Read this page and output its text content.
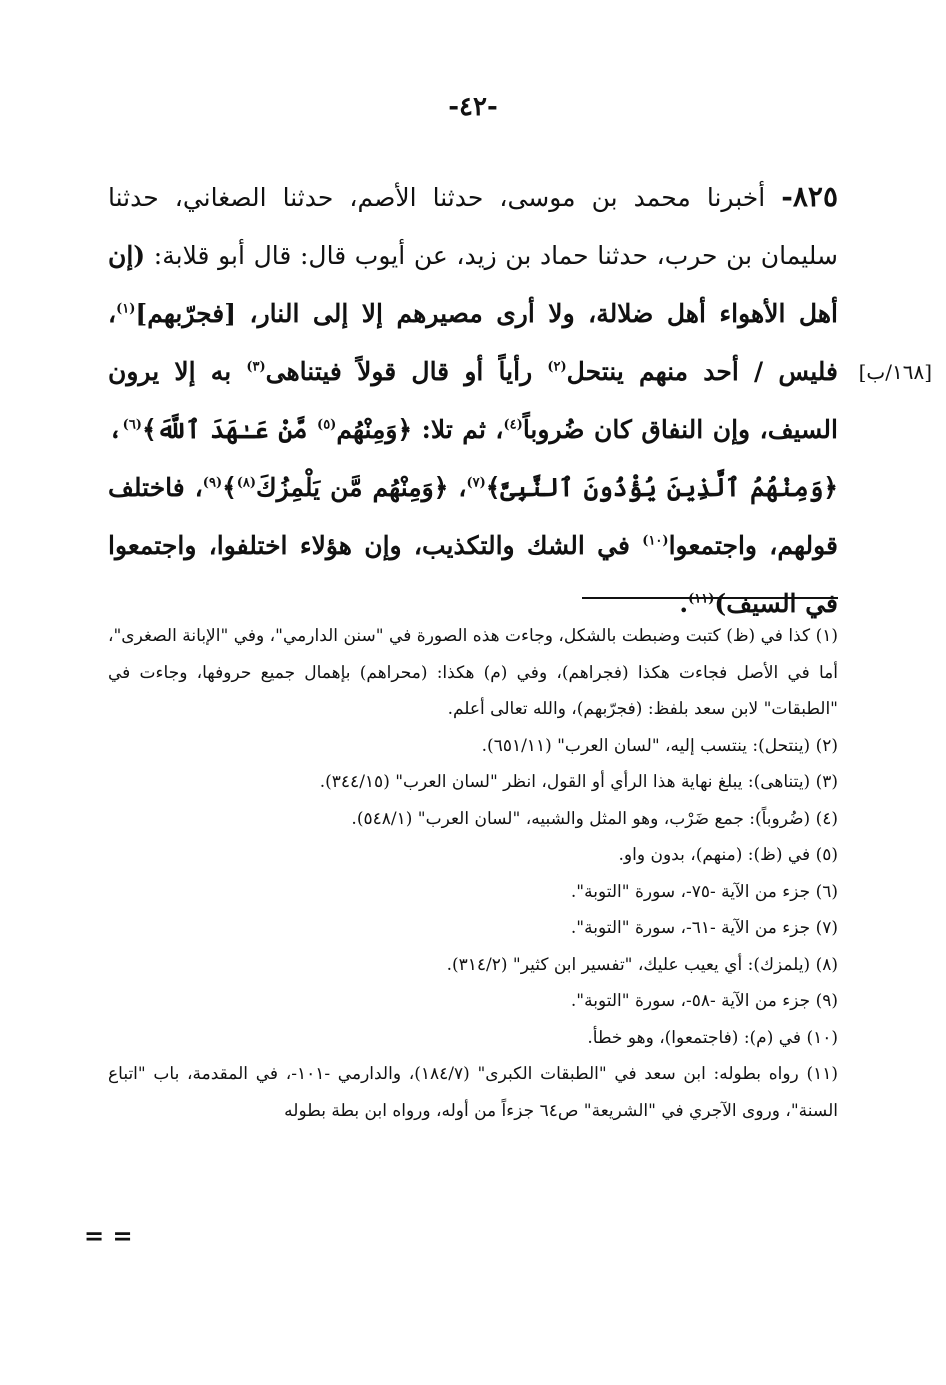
-٤٢-
[١٦٨/ب]
٨٢٥- أخبرنا محمد بن موسى، حدثنا الأصم، حدثنا الصغاني، حدثنا سليمان بن حرب، حدثنا حماد بن زيد، عن أيوب قال: قال أبو قلابة: (إن أهل الأهواء أهل ضلالة، ولا أرى مصيرهم إلا إلى النار، [فجرّبهم]$^{(١)}$، فليس / أحد منهم ينتحل$^{(٢)}$ رأياً أو قال قولاً فيتناهى$^{(٣)}$ به إلا يرون السيف، وإن النفاق كان ضُروباً$^{(٤)}$، ثم تلا: ﴿وَمِنْهُم$^{(٥)}$ مَّنْ عَـٰهَدَ ٱللَّهَ﴾$^{(٦)}$، ﴿وَمِنْهُمُ ٱلَّذِينَ يُؤْذُونَ ٱلنَّبِىَّ﴾$^{(٧)}$، ﴿وَمِنْهُم مَّن يَلْمِزُكَ$^{(٨)}$﴾$^{(٩)}$، فاختلف قولهم، واجتمعوا$^{(١٠)}$ في الشك والتكذيب، وإن هؤلاء اختلفوا، واجتمعوا في السيف)$^{(١١)}$.

(١) كذا في (ظ) كتبت وضبطت بالشكل، وجاءت هذه الصورة في "سنن الدارمي"، وفي "الإبانة الصغرى"، أما في الأصل فجاءت هكذا (فجراهم)، وفي (م) هكذا: (محراهم) بإهمال جميع حروفها، وجاءت في "الطبقات" لابن سعد بلفظ: (فجرّبهم)، والله تعالى أعلم.

(٢) (ينتحل): ينتسب إليه، "لسان العرب" (٦٥١/١١).

(٣) (يتناهى): يبلغ نهاية هذا الرأي أو القول، انظر "لسان العرب" (٣٤٤/١٥).

(٤) (ضُروباً): جمع ضَرْب، وهو المثل والشبيه، "لسان العرب" (٥٤٨/١).

(٥) في (ظ): (منهم)، بدون واو.

(٦) جزء من الآية -٧٥-، سورة "التوبة".

(٧) جزء من الآية -٦١-، سورة "التوبة".

(٨) (يلمزك): أي يعيب عليك، "تفسير ابن كثير" (٣١٤/٢).

(٩) جزء من الآية -٥٨-، سورة "التوبة".

(١٠) في (م): (فاجتمعوا)، وهو خطأ.

(١١) رواه بطوله: ابن سعد في "الطبقات الكبرى" (١٨٤/٧)، والدارمي -١٠١-، في المقدمة، باب "اتباع السنة"، وروى الآجري في "الشريعة" ص٦٤ جزءاً من أوله، ورواه ابن بطة بطوله

= =
